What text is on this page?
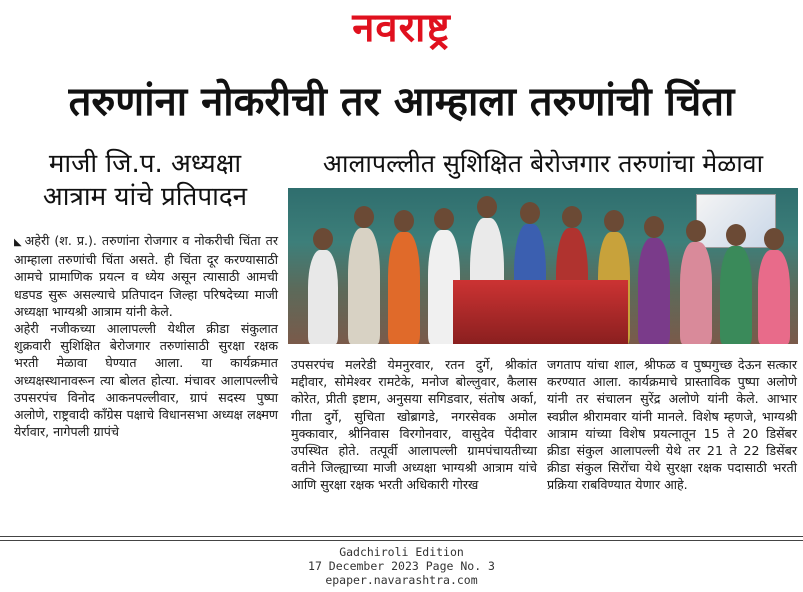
नवराष्ट्र
तरुणांना नोकरीची तर आम्हाला तरुणांची चिंता
माजी जि.प. अध्यक्षा
आत्राम यांचे प्रतिपादन
आलापल्लीत सुशिक्षित बेरोजगार तरुणांचा मेळावा

◣ अहेरी (श. प्र.). तरुणांना रोजगार व नोकरीची चिंता तर आम्हाला तरुणांची चिंता असते. ही चिंता दूर करण्यासाठी आमचे प्रामाणिक प्रयत्न व ध्येय असून त्यासाठी आमची धडपड सुरू असल्याचे प्रतिपादन जिल्हा परिषदेच्या माजी अध्यक्षा भाग्यश्री आत्राम यांनी केले.

अहेरी नजीकच्या आलापल्ली येथील क्रीडा संकुलात शुक्रवारी सुशिक्षित बेरोजगार तरुणांसाठी सुरक्षा रक्षक भरती मेळावा घेण्यात आला. या कार्यक्रमात अध्यक्षस्थानावरून त्या बोलत होत्या. मंचावर आलापल्लीचे उपसरपंच विनोद आकनपल्लीवार, ग्रापं सदस्य पुष्पा अलोणे, राष्ट्रवादी काँग्रेस पक्षाचे विधानसभा अध्यक्ष लक्ष्मण येर्रावार, नागेपली ग्रापंचे

उपसरपंच मलरेडी येमनुरवार, रतन दुर्गे, श्रीकांत मद्दीवार, सोमेश्वर रामटेके, मनोज बोल्लुवार, कैलास कोरेत, प्रीती इष्टाम, अनुसया सगिडवार, संतोष अर्का, गीता दुर्गे, सुचिता खोब्रागडे, नगरसेवक अमोल मुक्कावार, श्रीनिवास विरगोनवार, वासुदेव पेंदीवार उपस्थित होते. तत्पूर्वी आलापल्ली ग्रामपंचायतीच्या वतीने जिल्ह्याच्या माजी अध्यक्षा भाग्यश्री आत्राम यांचे आणि सुरक्षा रक्षक भरती अधिकारी गोरख

जगताप यांचा शाल, श्रीफळ व पुष्पगुच्छ देऊन सत्कार करण्यात आला. कार्यक्रमाचे प्रास्ताविक पुष्पा अलोणे यांनी तर संचालन सुरेंद्र अलोणे यांनी केले. आभार स्वप्नील श्रीरामवार यांनी मानले. विशेष म्हणजे, भाग्यश्री आत्राम यांच्या विशेष प्रयत्नातून 15 ते 20 डिसेंबर क्रीडा संकुल आलापल्ली येथे तर 21 ते 22 डिसेंबर क्रीडा संकुल सिरोंचा येथे सुरक्षा रक्षक पदासाठी भरती प्रक्रिया राबविण्यात येणार आहे.

Gadchiroli Edition
17 December 2023 Page No. 3
epaper.navarashtra.com
